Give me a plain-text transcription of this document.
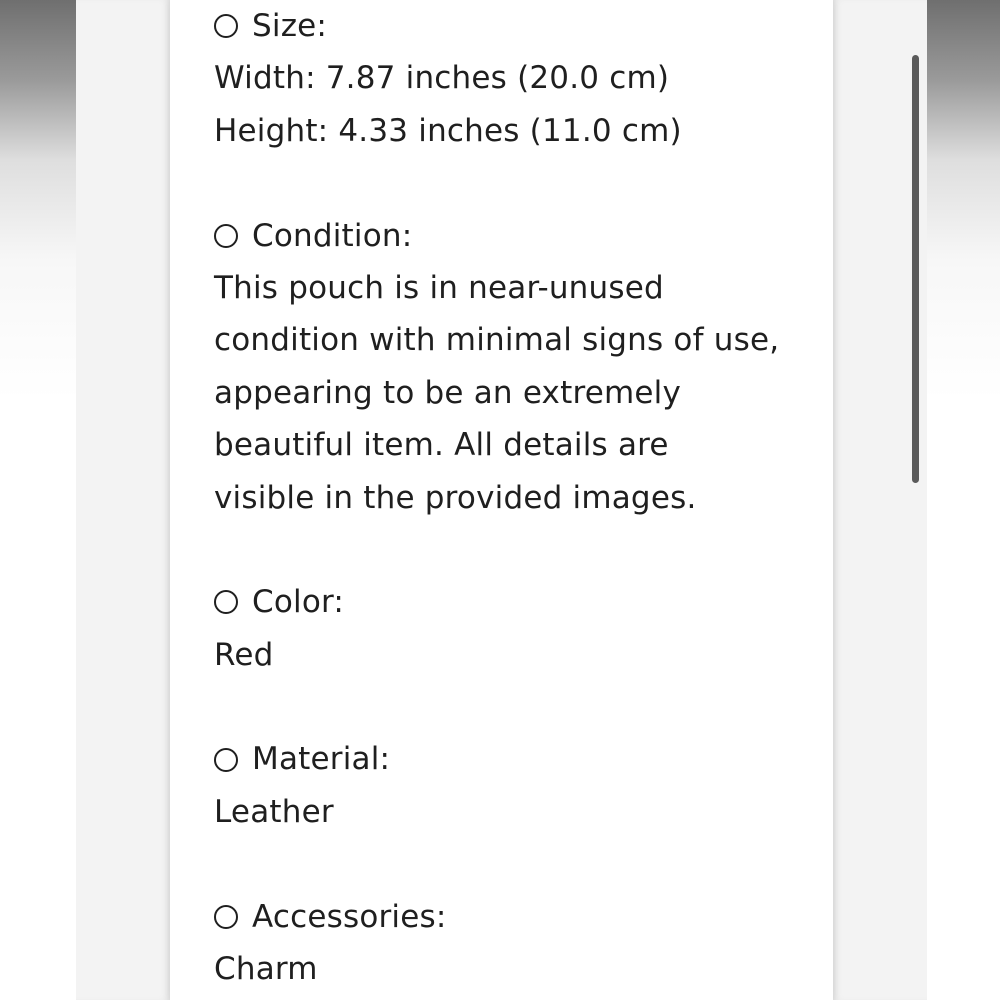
Size:
Width: 7.87 inches (20.0 cm)
Height: 4.33 inches (11.0 cm)
Condition:
This pouch is in near-unused
condition with minimal signs of use,
appearing to be an extremely
beautiful item. All details are
visible in the provided images.
Color:
Red
Material:
Leather
Accessories:
Charm
